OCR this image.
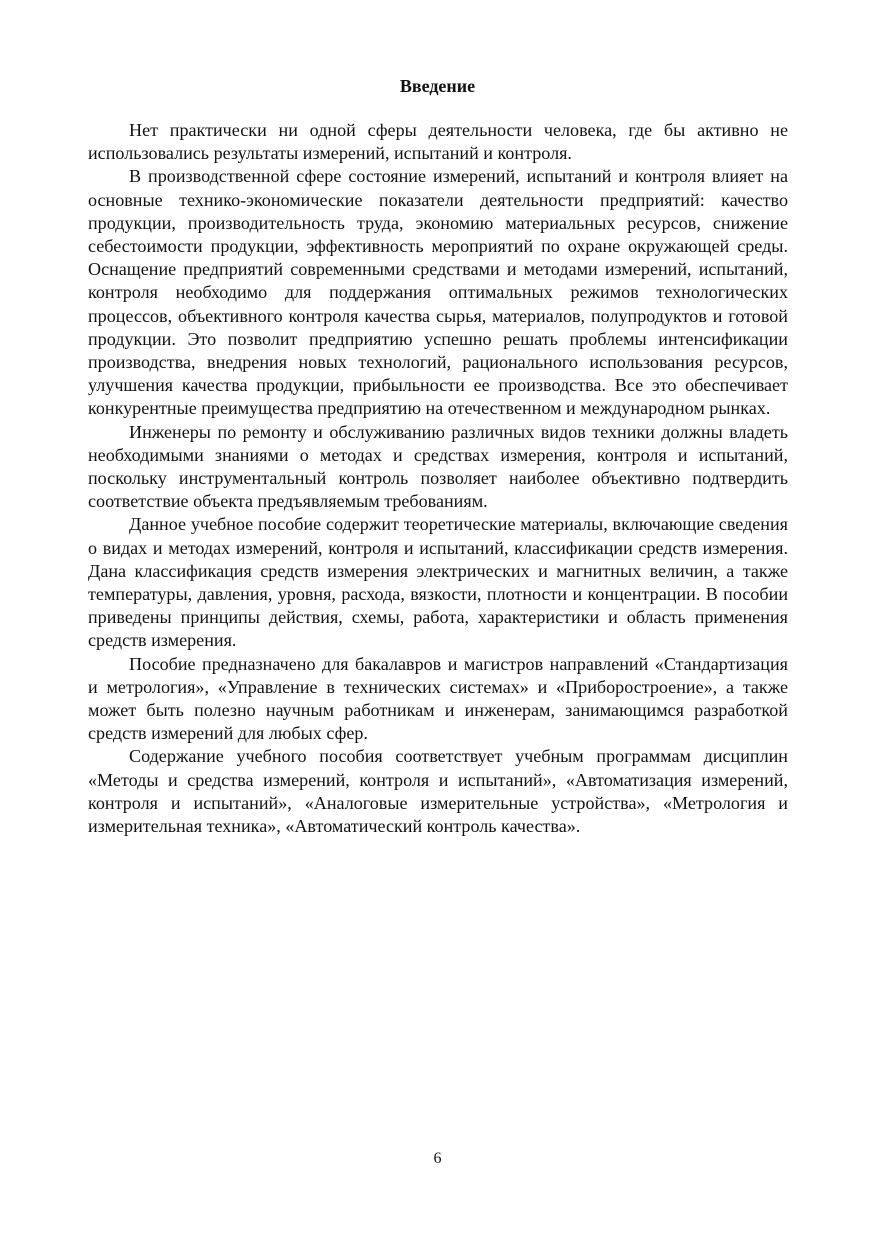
Введение

Нет практически ни одной сферы деятельности человека, где бы активно не использовались результаты измерений, испытаний и контроля.

В производственной сфере состояние измерений, испытаний и контроля влияет на основные технико-экономические показатели деятельности предприятий: качество продукции, производительность труда, экономию материальных ресурсов, снижение себестоимости продукции, эффективность мероприятий по охране окружающей среды. Оснащение предприятий современными средствами и методами измерений, испытаний, контроля необходимо для поддержания оптимальных режимов технологических процессов, объективного контроля качества сырья, материалов, полупродуктов и готовой продукции. Это позволит предприятию успешно решать проблемы интенсификации производства, внедрения новых технологий, рационального использования ресурсов, улучшения качества продукции, прибыльности ее производства. Все это обеспечивает конкурентные преимущества предприятию на отечественном и международном рынках.

Инженеры по ремонту и обслуживанию различных видов техники должны владеть необходимыми знаниями о методах и средствах измерения, контроля и испытаний, поскольку инструментальный контроль позволяет наиболее объективно подтвердить соответствие объекта предъявляемым требованиям.

Данное учебное пособие содержит теоретические материалы, включающие сведения о видах и методах измерений, контроля и испытаний, классификации средств измерения. Дана классификация средств измерения электрических и магнитных величин, а также температуры, давления, уровня, расхода, вязкости, плотности и концентрации. В пособии приведены принципы действия, схемы, работа, характеристики и область применения средств измерения.

Пособие предназначено для бакалавров и магистров направлений «Стандартизация и метрология», «Управление в технических системах» и «Приборостроение», а также может быть полезно научным работникам и инженерам, занимающимся разработкой средств измерений для любых сфер.

Содержание учебного пособия соответствует учебным программам дисциплин «Методы и средства измерений, контроля и испытаний», «Автоматизация измерений, контроля и испытаний», «Аналоговые измерительные устройства», «Метрология и измерительная техника», «Автоматический контроль качества».

6
